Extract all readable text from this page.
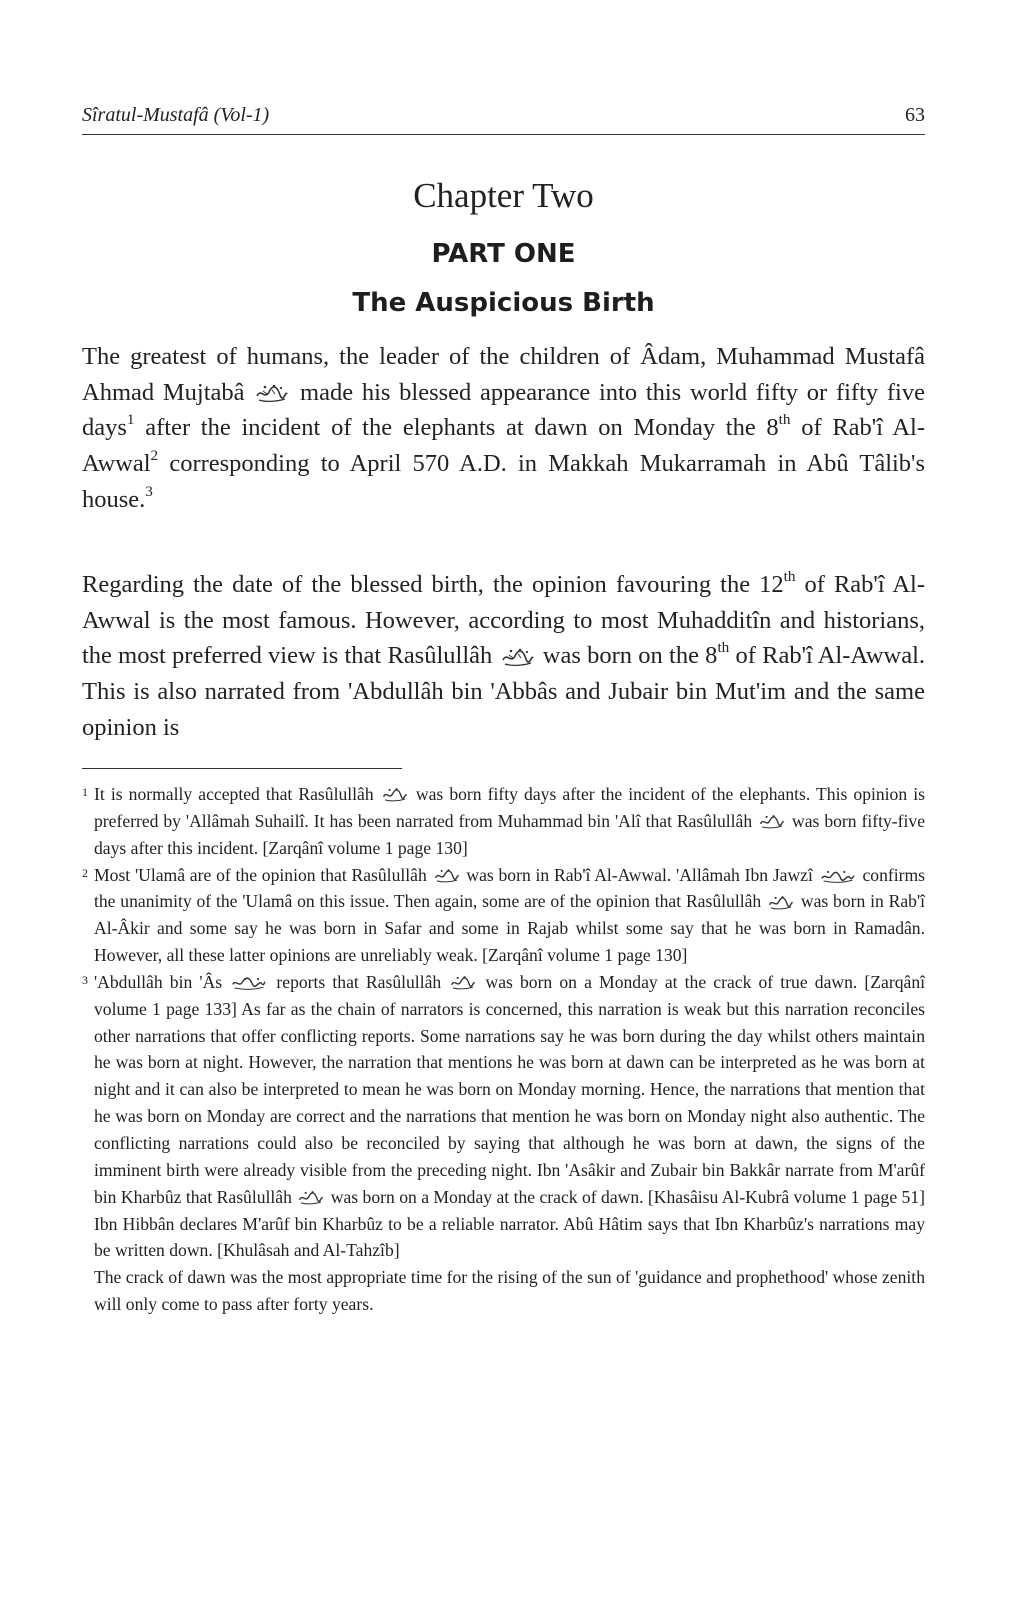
Sîratul-Mustafâ (Vol-1)	63
Chapter Two
PART ONE
The Auspicious Birth

The greatest of humans, the leader of the children of Âdam, Muhammad Mustafâ Ahmad Mujtabâ made his blessed appearance into this world fifty or fifty five days$^1$ after the incident of the elephants at dawn on Monday the 8th of Rab'î Al-Awwal$^2$ corresponding to April 570 A.D. in Makkah Mukarramah in Abû Tâlib's house.$^3$

Regarding the date of the blessed birth, the opinion favouring the 12th of Rab'î Al-Awwal is the most famous. However, according to most Muhadditîn and historians, the most preferred view is that Rasûlullâh was born on the 8th of Rab'î Al-Awwal. This is also narrated from 'Abdullâh bin 'Abbâs and Jubair bin Mut'im and the same opinion is

1 It is normally accepted that Rasûlullâh was born fifty days after the incident of the elephants. This opinion is preferred by 'Allâmah Suhailî. It has been narrated from Muhammad bin 'Alî that Rasûlullâh was born fifty-five days after this incident. [Zarqânî volume 1 page 130]

2 Most 'Ulamâ are of the opinion that Rasûlullâh was born in Rab'î Al-Awwal. 'Allâmah Ibn Jawzî	confirms the unanimity of the 'Ulamâ on this issue. Then again, some are of the opinion that Rasûlullâh was born in Rab'î Al-Âkir and some say he was born in Safar and some in Rajab whilst some say that he was born in Ramadân. However, all these latter opinions are unreliably weak. [Zarqânî volume 1 page 130]

3 'Abdullâh bin 'Âs	reports that Rasûlullâh	was born on a Monday at the crack of true dawn. [Zarqânî volume 1 page 133] As far as the chain of narrators is concerned, this narration is weak but this narration reconciles other narrations that offer conflicting reports. Some narrations say he was born during the day whilst others maintain he was born at night. However, the narration that mentions he was born at dawn can be interpreted as he was born at night and it can also be interpreted to mean he was born on Monday morning. Hence, the narrations that mention that he was born on Monday are correct and the narrations that mention he was born on Monday night also authentic. The conflicting narrations could also be reconciled by saying that although he was born at dawn, the signs of the imminent birth were already visible from the preceding night. Ibn 'Asâkir and Zubair bin Bakkâr narrate from M'arûf bin Kharbûz that Rasûlullâh was born on a Monday at the crack of dawn. [Khasâisu Al-Kubrâ volume 1 page 51] Ibn Hibbân declares M'arûf bin Kharbûz to be a reliable narrator. Abû Hâtim says that Ibn Kharbûz's narrations may be written down. [Khulâsah and Al-Tahzîb]

The crack of dawn was the most appropriate time for the rising of the sun of 'guidance and prophethood' whose zenith will only come to pass after forty years.
